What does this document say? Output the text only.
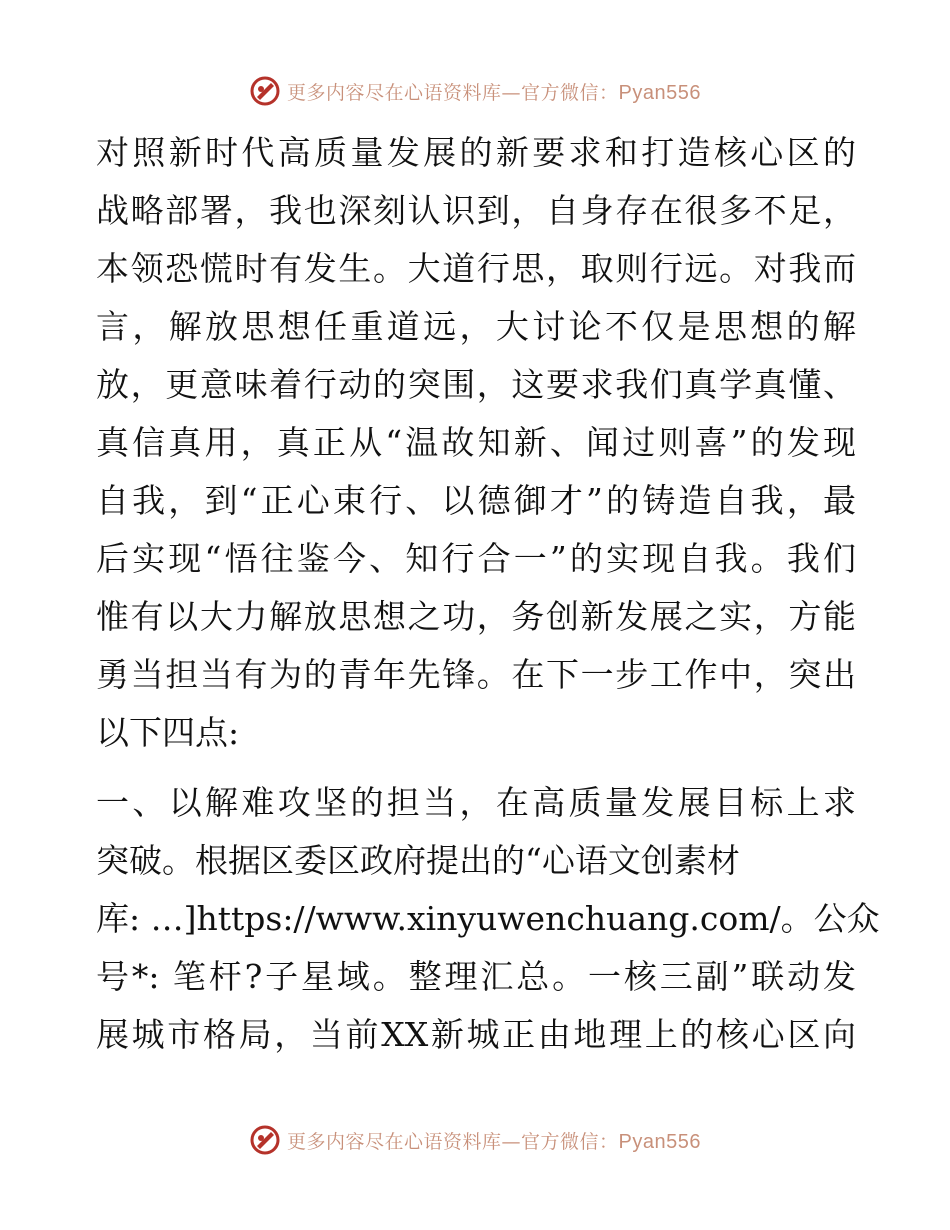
更多内容尽在心语资料库—官方微信：Pyan556
对照新时代高质量发展的新要求和打造核心区的
战略部署，我也深刻认识到，自身存在很多不足，
本领恐慌时有发生。大道行思，取则行远。对我而
言，解放思想任重道远，大讨论不仅是思想的解
放，更意味着行动的突围，这要求我们真学真懂、
真信真用，真正从“温故知新、闻过则喜”的发现
自我，到“正心束行、以德御才”的铸造自我，最
后实现“悟往鉴今、知行合一”的实现自我。我们
惟有以大力解放思想之功，务创新发展之实，方能
勇当担当有为的青年先锋。在下一步工作中，突出
以下四点:
一、以解难攻坚的担当，在高质量发展目标上求
突破。根据区委区政府提出的“心语文创素材
库: …]https://www.xinyuwenchuang.com/。公众
号*: 笔杆?子星域。整理汇总。一核三副”联动发
展城市格局，当前XX新城正由地理上的核心区向
更多内容尽在心语资料库—官方微信：Pyan556
